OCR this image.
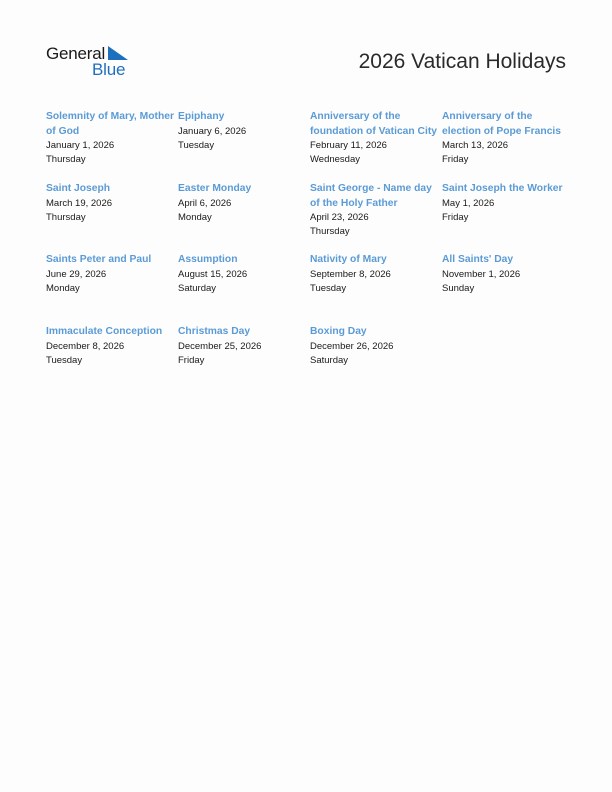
General
Blue	2026 Vatican Holidays
Solemnity of Mary, Mother of God
January 1, 2026
Thursday
Epiphany
January 6, 2026
Tuesday
Anniversary of the foundation of Vatican City
February 11, 2026
Wednesday
Anniversary of the election of Pope Francis
March 13, 2026
Friday
Saint Joseph
March 19, 2026
Thursday
Easter Monday
April 6, 2026
Monday
Saint George - Name day of the Holy Father
April 23, 2026
Thursday
Saint Joseph the Worker
May 1, 2026
Friday
Saints Peter and Paul
June 29, 2026
Monday
Assumption
August 15, 2026
Saturday
Nativity of Mary
September 8, 2026
Tuesday
All Saints' Day
November 1, 2026
Sunday
Immaculate Conception
December 8, 2026
Tuesday
Christmas Day
December 25, 2026
Friday
Boxing Day
December 26, 2026
Saturday
